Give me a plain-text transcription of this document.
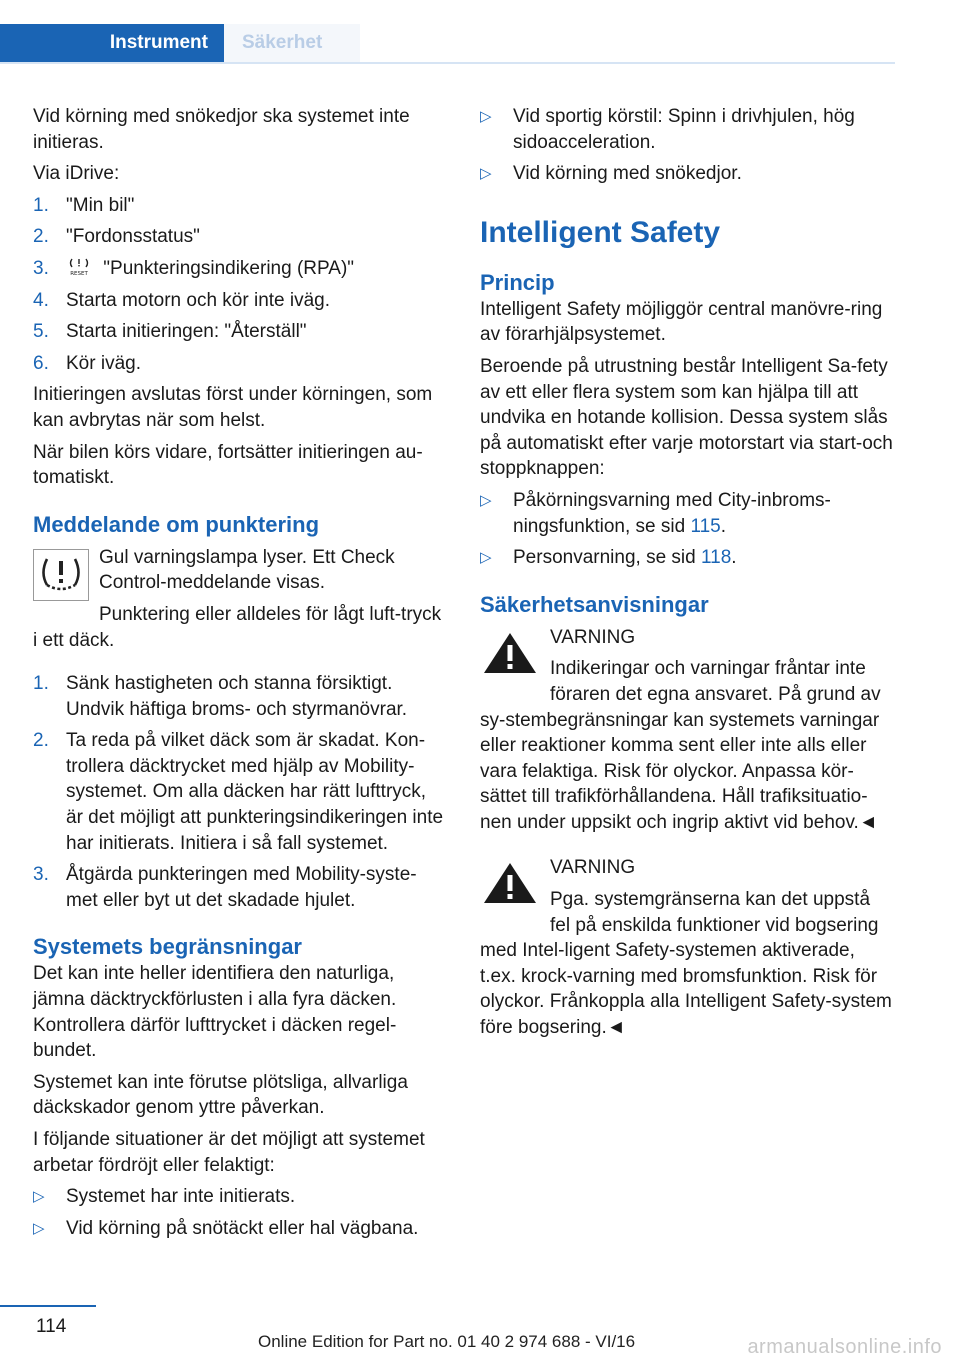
Instrument	Säkerhet

Vid körning med snökedjor ska systemet inte initieras.

Via iDrive:

1. "Min bil"
2. "Fordonsstatus"
3.	RESET "Punkteringsindikering (RPA)"
4. Starta motorn och kör inte iväg.
5. Starta initieringen: "Återställ"
6. Kör iväg.

Initieringen avslutas först under körningen, som kan avbrytas när som helst.

När bilen körs vidare, fortsätter initieringen au‐tomatiskt.

Meddelande om punktering

Gul varningslampa lyser. Ett Check Control-meddelande visas.

Punktering eller alldeles för lågt luft‐tryck i ett däck.

1. Sänk hastigheten och stanna försiktigt. Undvik häftiga broms- och styrmanövrar.
2. Ta reda på vilket däck som är skadat. Kon‐trollera däcktrycket med hjälp av Mobility-systemet. Om alla däcken har rätt lufttryck, är det möjligt att punkteringsindikeringen inte har initierats. Initiera i så fall systemet.
3. Åtgärda punkteringen med Mobility-syste‐met eller byt ut det skadade hjulet.
Systemets begränsningar

Det kan inte heller identifiera den naturliga, jämna däcktryckförlusten i alla fyra däcken. Kontrollera därför lufttrycket i däcken regel‐bundet.

Systemet kan inte förutse plötsliga, allvarliga däckskador genom yttre påverkan.

I följande situationer är det möjligt att systemet arbetar fördröjt eller felaktigt:

▷ Systemet har inte initierats.
▷ Vid körning på snötäckt eller hal vägbana.
▷ Vid sportig körstil: Spinn i drivhjulen, hög sidoacceleration.
▷ Vid körning med snökedjor.
Intelligent Safety
Princip

Intelligent Safety möjliggör central manövre‐ring av förarhjälpsystemet.

Beroende på utrustning består Intelligent Sa‐fety av ett eller flera system som kan hjälpa till att undvika en hotande kollision. Dessa system slås på automatiskt efter varje motorstart via start-och stoppknappen:

▷ Påkörningsvarning med City-inbroms‐ningsfunktion, se sid 115.
▷ Personvarning, se sid 118.
Säkerhetsanvisningar

VARNING

Indikeringar och varningar fråntar inte föraren det egna ansvaret. På grund av sy‐stembegränsningar kan systemets varningar eller reaktioner komma sent eller inte alls eller vara felaktiga. Risk för olyckor. Anpassa kör‐sättet till trafikförhållandena. Håll trafiksituatio‐nen under uppsikt och ingrip aktivt vid behov.◄

VARNING

Pga. systemgränserna kan det uppstå fel på enskilda funktioner vid bogsering med Intel‐ligent Safety-systemen aktiverade, t.ex. krock‐varning med bromsfunktion. Risk för olyckor. Frånkoppla alla Intelligent Safety-system före bogsering.◄

114
Online Edition for Part no. 01 40 2 974 688 - VI/16	armanualsonline.info
